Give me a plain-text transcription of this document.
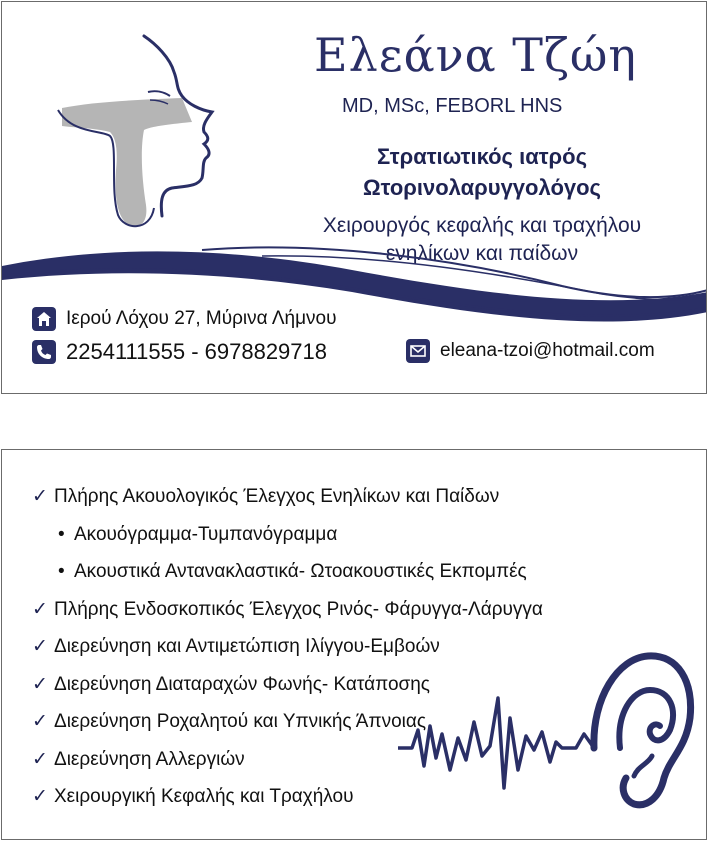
Ελεάνα Τζώη
MD, MSc, FEBORL HNS
Στρατιωτικός ιατρός
Ωτορινολαρυγγολόγος
Χειρουργός κεφαλής και τραχήλου
ενηλίκων και παίδων
Ιερού Λόχου 27, Μύρινα Λήμνου
2254111555 - 6978829718	eleana-tzoi@hotmail.com
✓ Πλήρης Ακουολογικός Έλεγχος Ενηλίκων και Παίδων
• Ακουόγραμμα-Τυμπανόγραμμα
• Ακουστικά Αντανακλαστικά- Ωτοακουστικές Εκπομπές
✓ Πλήρης Ενδοσκοπικός Έλεγχος Ρινός- Φάρυγγα-Λάρυγγα
✓ Διερεύνηση και Αντιμετώπιση Ιλίγγου-Εμβοών
✓ Διερεύνηση Διαταραχών Φωνής- Κατάποσης
✓ Διερεύνηση Ροχαλητού και Υπνικής Άπνοιας
✓ Διερεύνηση Αλλεργιών
✓ Χειρουργική Κεφαλής και Τραχήλου
